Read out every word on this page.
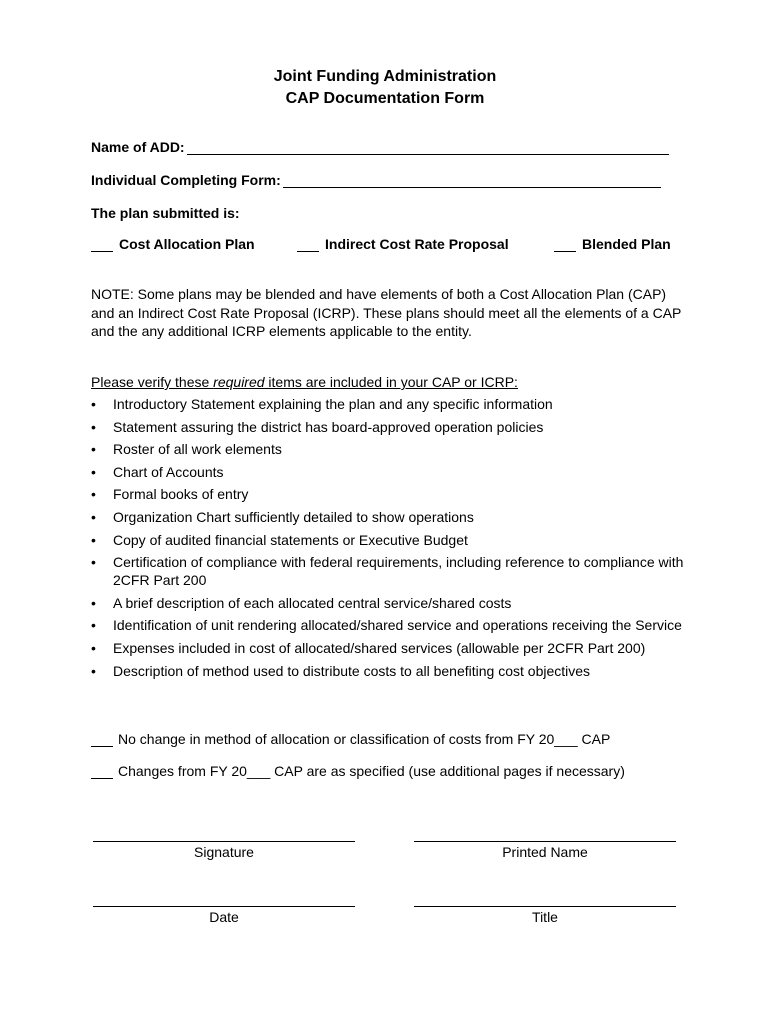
Joint Funding Administration
CAP Documentation Form
Name of ADD:
Individual Completing Form:
The plan submitted is:
Cost Allocation Plan	Indirect Cost Rate Proposal	Blended Plan
NOTE: Some plans may be blended and have elements of both a Cost Allocation Plan (CAP) and an Indirect Cost Rate Proposal (ICRP). These plans should meet all the elements of a CAP and the any additional ICRP elements applicable to the entity.
Please verify these required items are included in your CAP or ICRP:
• Introductory Statement explaining the plan and any specific information
• Statement assuring the district has board-approved operation policies
• Roster of all work elements
• Chart of Accounts
• Formal books of entry
• Organization Chart sufficiently detailed to show operations
• Copy of audited financial statements or Executive Budget
• Certification of compliance with federal requirements, including reference to compliance with 2CFR Part 200
• A brief description of each allocated central service/shared costs
• Identification of unit rendering allocated/shared service and operations receiving the Service
• Expenses included in cost of allocated/shared services (allowable per 2CFR Part 200)
• Description of method used to distribute costs to all benefiting cost objectives
No change in method of allocation or classification of costs from FY 20___ CAP
Changes from FY 20___ CAP are as specified (use additional pages if necessary)
Signature	Printed Name
Date	Title
